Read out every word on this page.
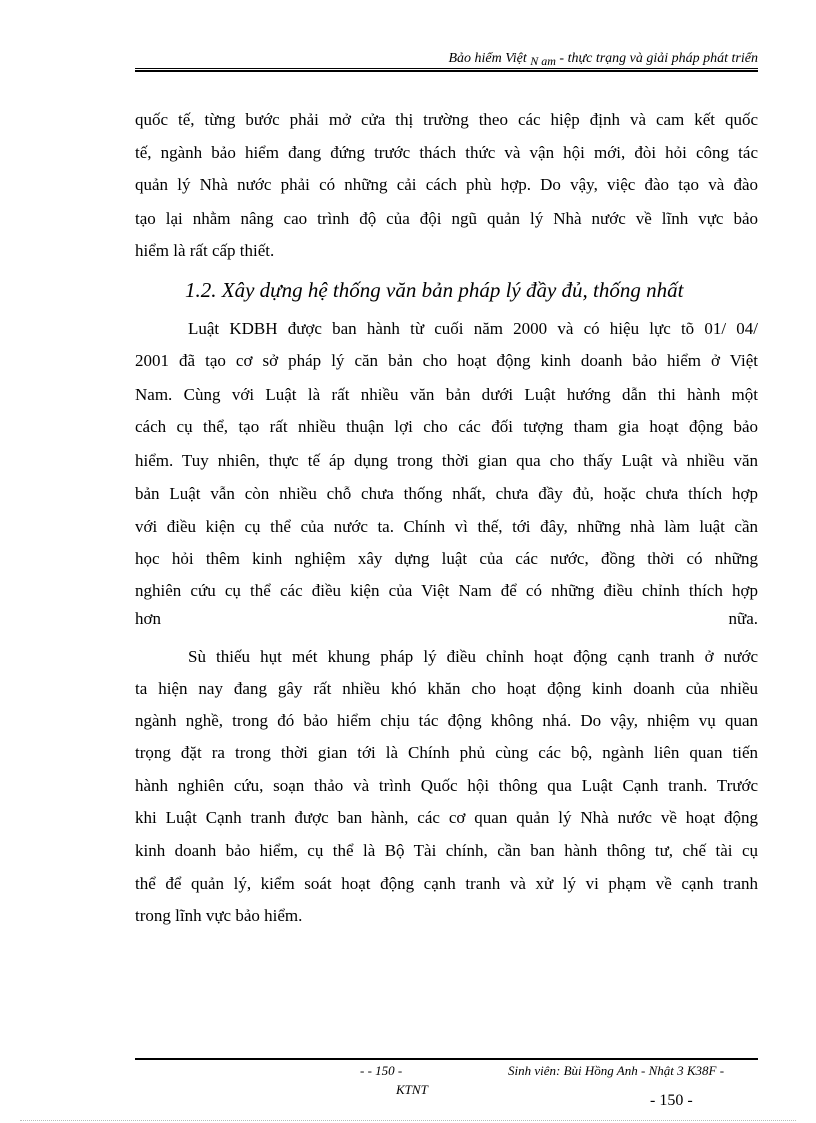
Bảo hiểm Việt N am - thực trạng và giải pháp phát triển
quốc tế, từng bước phải mở cửa thị trường theo các hiệp định và cam kết quốc
tế, ngành bảo hiểm đang đứng trước thách thức và vận hội mới, đòi hỏi công tác
quản lý Nhà nước phải có những cải cách phù hợp. Do vậy, việc đào tạo và đào
tạo lại nhằm nâng cao trình độ của đội ngũ quản lý Nhà nước về lĩnh vực bảo
hiểm là rất cấp thiết.
1.2. Xây dựng hệ thống văn bản pháp lý đầy đủ, thống nhất
Luật KDBH được ban hành từ cuối năm 2000 và có hiệu lực tõ 01/ 04/
2001 đã tạo cơ sở pháp lý căn bản cho hoạt động kinh doanh bảo hiểm ở Việt
Nam. Cùng với Luật là rất nhiều văn bản dưới Luật hướng dẫn thi hành một
cách cụ thể, tạo rất nhiều thuận lợi cho các đối tượng tham gia hoạt động bảo
hiểm. Tuy nhiên, thực tế áp dụng trong thời gian qua cho thấy Luật và nhiều văn
bản Luật vẫn còn nhiều chỗ chưa thống nhất, chưa đầy đủ, hoặc chưa thích hợp
với điều kiện cụ thể của nước ta. Chính vì thế, tới đây, những nhà làm luật cần
học hỏi thêm kinh nghiệm xây dựng luật của các nước, đồng thời có những
nghiên cứu cụ thể các điều kiện của Việt Nam để có những điều chỉnh thích hợp
hơn	nữa.
Sù thiếu hụt mét khung pháp lý điều chỉnh hoạt động cạnh tranh ở nước
ta hiện nay đang gây rất nhiều khó khăn cho hoạt động kinh doanh của nhiều
ngành nghề, trong đó bảo hiểm chịu tác động không nhá. Do vậy, nhiệm vụ quan
trọng đặt ra trong thời gian tới là Chính phủ cùng các bộ, ngành liên quan tiến
hành nghiên cứu, soạn thảo và trình Quốc hội thông qua Luật Cạnh tranh. Trước
khi Luật Cạnh tranh được ban hành, các cơ quan quản lý Nhà nước về hoạt động
kinh doanh bảo hiểm, cụ thể là Bộ Tài chính, cần ban hành thông tư, chế tài cụ
thể để quản lý, kiểm soát hoạt động cạnh tranh và xử lý vi phạm về cạnh tranh
trong lĩnh vực bảo hiểm.
- - 150 -	Sinh viên: Bùi Hồng Anh - Nhật 3 K38F -
KTNT
- 150 -
